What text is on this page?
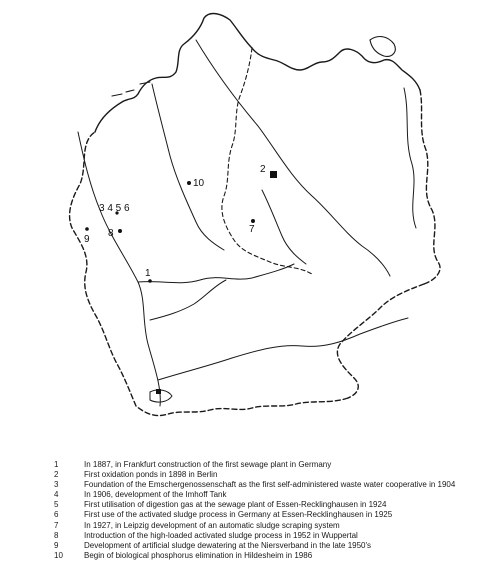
2
10
3 4 5 6
8
9
7
1
1	In 1887, in Frankfurt construction of the first sewage plant in Germany
2	First oxidation ponds in 1898 in Berlin
3	Foundation of the Emschergenossenschaft as the first self-administered waste water cooperative in 1904
4	In 1906, development of the Imhoff Tank
5	First utilisation of digestion gas at the sewage plant of Essen-Recklinghausen in 1924
6	First use of the activated sludge process in Germany at Essen-Recklinghausen in 1925
7	In 1927, in Leipzig development of an automatic sludge scraping system
8	Introduction of the high-loaded activated sludge process in 1952 in Wuppertal
9	Development of artificial sludge dewatering at the Niersverband in the late 1950's
10	Begin of biological phosphorus elimination in Hildesheim in 1986
